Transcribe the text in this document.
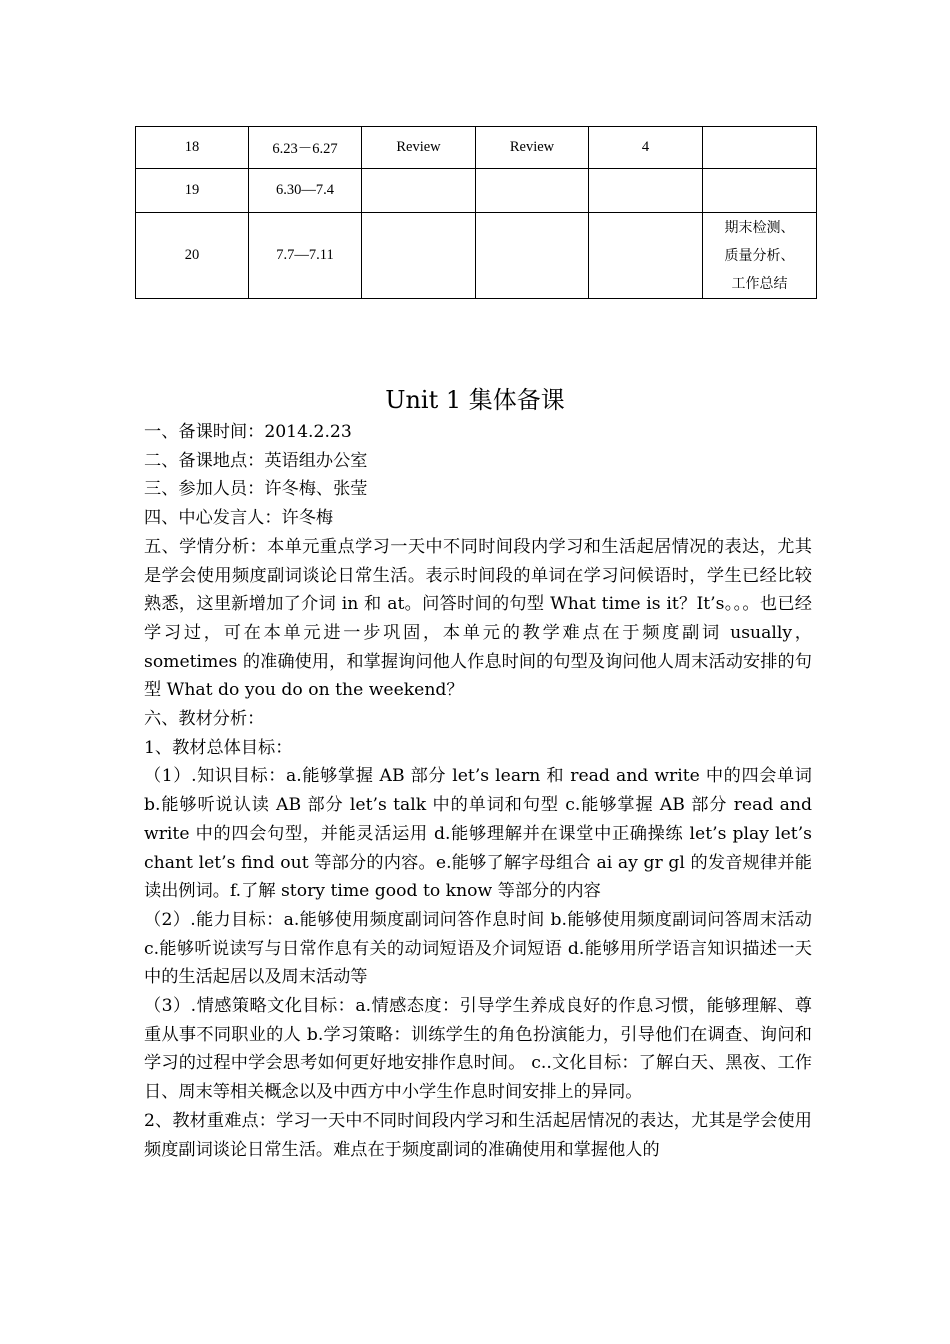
18	6.23－6.27	Review	Review	4	
19	6.30—7.4				
20	7.7—7.11				期末检测、
质量分析、
工作总结
Unit 1 集体备课

一、备课时间：2014.2.23

二、备课地点：英语组办公室

三、参加人员：许冬梅、张莹

四、中心发言人：许冬梅

五、学情分析：本单元重点学习一天中不同时间段内学习和生活起居情况的表达，尤其是学会使用频度副词谈论日常生活。表示时间段的单词在学习问候语时，学生已经比较熟悉，这里新增加了介词 in 和 at。问答时间的句型 What time is it？It’s。。。也已经学习过，可在本单元进一步巩固，本单元的教学难点在于频度副词 usually，sometimes 的准确使用，和掌握询问他人作息时间的句型及询问他人周末活动安排的句型 What do you do on the weekend？

六、教材分析：

1、教材总体目标：

（1）.知识目标：a.能够掌握 AB 部分 let’s learn 和 read and write 中的四会单词 b.能够听说认读 AB 部分 let’s talk 中的单词和句型 c.能够掌握 AB 部分 read and write 中的四会句型，并能灵活运用 d.能够理解并在课堂中正确操练 let’s play let’s chant let’s find out 等部分的内容。e.能够了解字母组合 ai ay gr gl 的发音规律并能读出例词。f.了解 story time good to know 等部分的内容

（2）.能力目标：a.能够使用频度副词问答作息时间 b.能够使用频度副词问答周末活动 c.能够听说读写与日常作息有关的动词短语及介词短语 d.能够用所学语言知识描述一天中的生活起居以及周末活动等

（3）.情感策略文化目标：a.情感态度：引导学生养成良好的作息习惯，能够理解、尊重从事不同职业的人 b.学习策略：训练学生的角色扮演能力，引导他们在调查、询问和学习的过程中学会思考如何更好地安排作息时间。 c..文化目标：了解白天、黑夜、工作日、周末等相关概念以及中西方中小学生作息时间安排上的异同。

2、教材重难点：学习一天中不同时间段内学习和生活起居情况的表达，尤其是学会使用频度副词谈论日常生活。难点在于频度副词的准确使用和掌握他人的
